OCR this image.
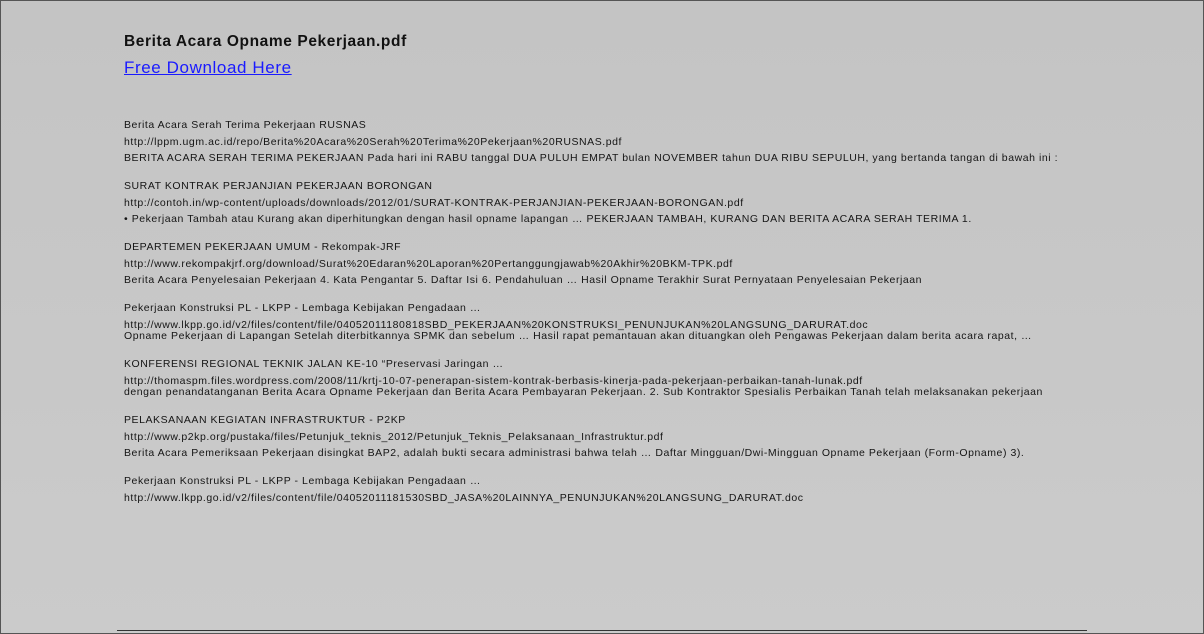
Berita Acara Opname Pekerjaan.pdf
Free Download Here
Berita Acara Serah Terima Pekerjaan RUSNAS
http://lppm.ugm.ac.id/repo/Berita%20Acara%20Serah%20Terima%20Pekerjaan%20RUSNAS.pdf
BERITA ACARA SERAH TERIMA PEKERJAAN Pada hari ini RABU tanggal DUA PULUH EMPAT bulan NOVEMBER tahun DUA RIBU SEPULUH, yang bertanda tangan di bawah ini :
SURAT KONTRAK PERJANJIAN PEKERJAAN BORONGAN
http://contoh.in/wp-content/uploads/downloads/2012/01/SURAT-KONTRAK-PERJANJIAN-PEKERJAAN-BORONGAN.pdf
• Pekerjaan Tambah atau Kurang akan diperhitungkan dengan hasil opname lapangan … PEKERJAAN TAMBAH, KURANG DAN BERITA ACARA SERAH TERIMA 1.
DEPARTEMEN PEKERJAAN UMUM - Rekompak-JRF
http://www.rekompakjrf.org/download/Surat%20Edaran%20Laporan%20Pertanggungjawab%20Akhir%20BKM-TPK.pdf
Berita Acara Penyelesaian Pekerjaan 4. Kata Pengantar 5. Daftar Isi 6. Pendahuluan … Hasil Opname Terakhir Surat Pernyataan Penyelesaian Pekerjaan
Pekerjaan Konstruksi PL - LKPP - Lembaga Kebijakan Pengadaan …
http://www.lkpp.go.id/v2/files/content/file/04052011180818SBD_PEKERJAAN%20KONSTRUKSI_PENUNJUKAN%20LANGSUNG_DARURAT.doc
Opname Pekerjaan di Lapangan Setelah diterbitkannya SPMK dan sebelum … Hasil rapat pemantauan akan dituangkan oleh Pengawas Pekerjaan dalam berita acara rapat, …
KONFERENSI REGIONAL TEKNIK JALAN KE-10 “Preservasi Jaringan …
http://thomaspm.files.wordpress.com/2008/11/krtj-10-07-penerapan-sistem-kontrak-berbasis-kinerja-pada-pekerjaan-perbaikan-tanah-lunak.pdf
dengan penandatanganan Berita Acara Opname Pekerjaan dan Berita Acara Pembayaran Pekerjaan. 2. Sub Kontraktor Spesialis Perbaikan Tanah telah melaksanakan pekerjaan
PELAKSANAAN KEGIATAN INFRASTRUKTUR - P2KP
http://www.p2kp.org/pustaka/files/Petunjuk_teknis_2012/Petunjuk_Teknis_Pelaksanaan_Infrastruktur.pdf
Berita Acara Pemeriksaan Pekerjaan disingkat BAP2, adalah bukti secara administrasi bahwa telah … Daftar Mingguan/Dwi-Mingguan Opname Pekerjaan (Form-Opname) 3).
Pekerjaan Konstruksi PL - LKPP - Lembaga Kebijakan Pengadaan …
http://www.lkpp.go.id/v2/files/content/file/04052011181530SBD_JASA%20LAINNYA_PENUNJUKAN%20LANGSUNG_DARURAT.doc
